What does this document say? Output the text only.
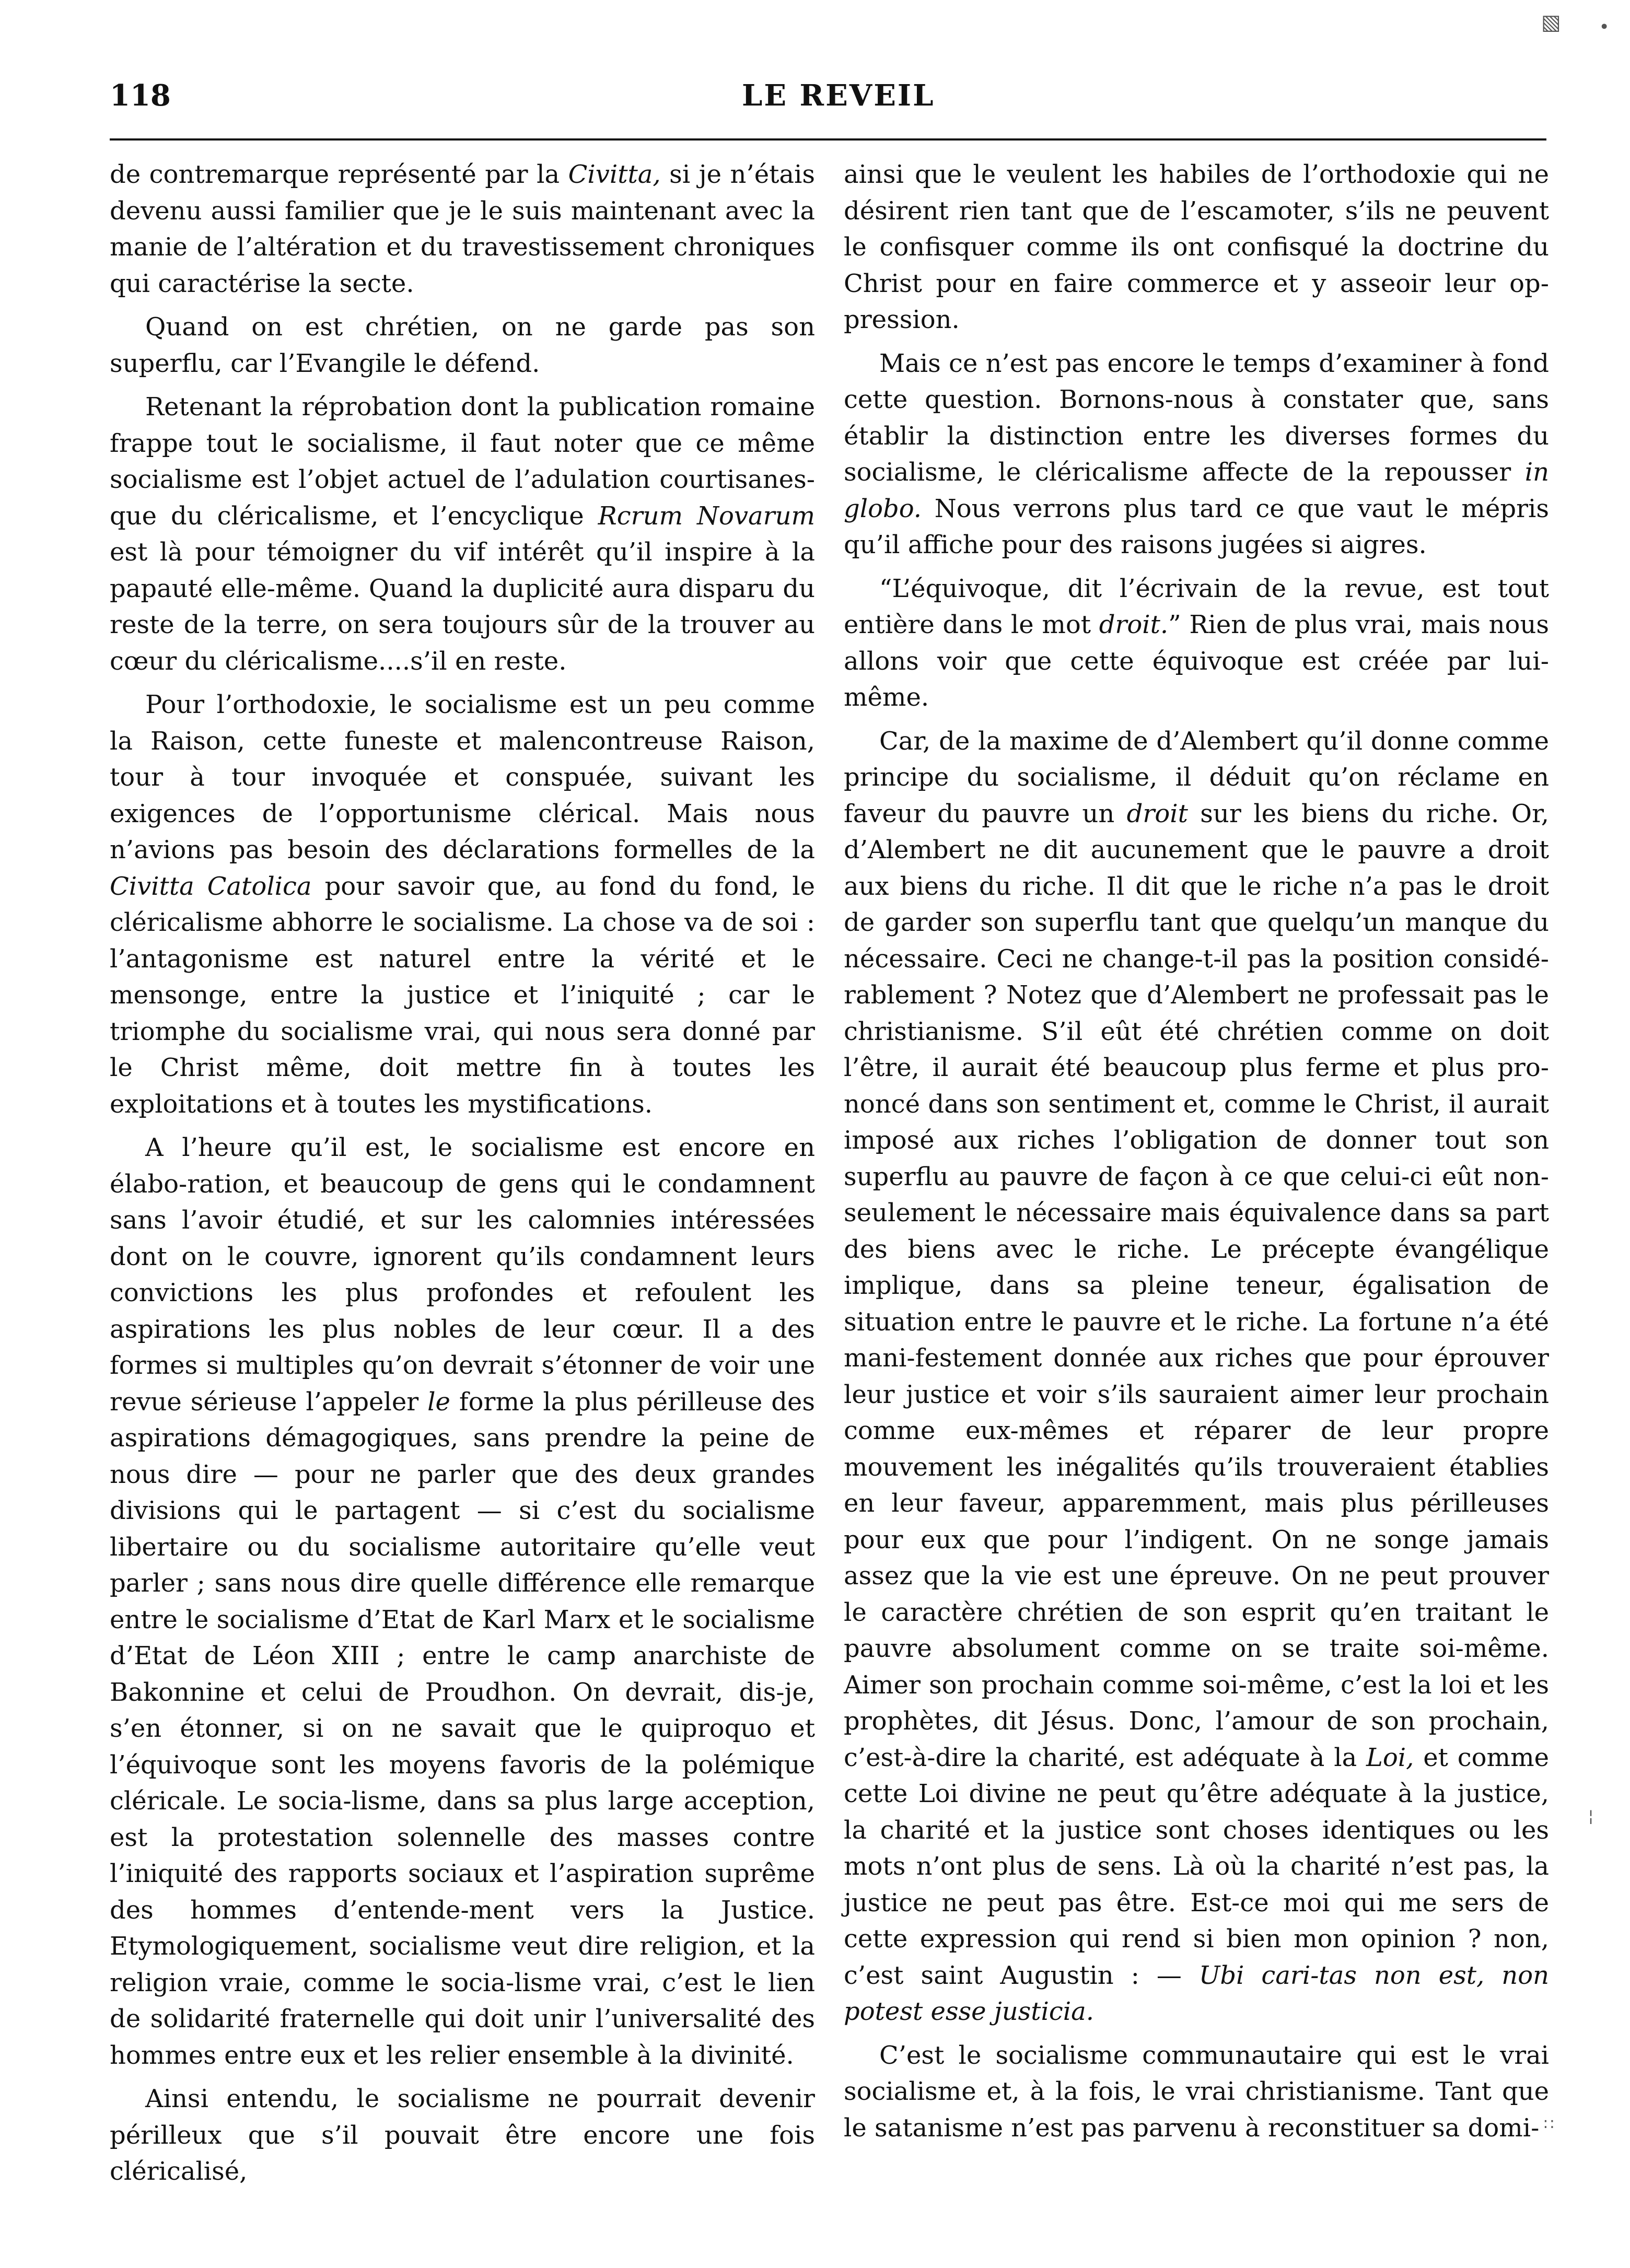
118	LE REVEIL

de contremarque représenté par la Civitta, si je n’étais devenu aussi familier que je le suis maintenant avec la manie de l’altération et du travestissement chroniques qui caractérise la secte.

Quand on est chrétien, on ne garde pas son superflu, car l’Evangile le défend.

Retenant la réprobation dont la publication romaine frappe tout le socialisme, il faut noter que ce même socialisme est l’objet actuel de l’adulation courtisanes-que du cléricalisme, et l’encyclique Rcrum Novarum est là pour témoigner du vif intérêt qu’il inspire à la papauté elle-même. Quand la duplicité aura disparu du reste de la terre, on sera toujours sûr de la trouver au cœur du cléricalisme....s’il en reste.

Pour l’orthodoxie, le socialisme est un peu comme la Raison, cette funeste et malencontreuse Raison, tour à tour invoquée et conspuée, suivant les exigences de l’opportunisme clérical. Mais nous n’avions pas besoin des déclarations formelles de la Civitta Catolica pour savoir que, au fond du fond, le cléricalisme abhorre le socialisme. La chose va de soi : l’antagonisme est naturel entre la vérité et le mensonge, entre la justice et l’iniquité ; car le triomphe du socialisme vrai, qui nous sera donné par le Christ même, doit mettre fin à toutes les exploitations et à toutes les mystifications.

A l’heure qu’il est, le socialisme est encore en élabo-ration, et beaucoup de gens qui le condamnent sans l’avoir étudié, et sur les calomnies intéressées dont on le couvre, ignorent qu’ils condamnent leurs convictions les plus profondes et refoulent les aspirations les plus nobles de leur cœur. Il a des formes si multiples qu’on devrait s’étonner de voir une revue sérieuse l’appeler le forme la plus périlleuse des aspirations démagogiques, sans prendre la peine de nous dire — pour ne parler que des deux grandes divisions qui le partagent — si c’est du socialisme libertaire ou du socialisme autoritaire qu’elle veut parler ; sans nous dire quelle différence elle remarque entre le socialisme d’Etat de Karl Marx et le socialisme d’Etat de Léon XIII ; entre le camp anarchiste de Bakonnine et celui de Proudhon. On devrait, dis-je, s’en étonner, si on ne savait que le quiproquo et l’équivoque sont les moyens favoris de la polémique cléricale. Le socia-lisme, dans sa plus large acception, est la protestation solennelle des masses contre l’iniquité des rapports sociaux et l’aspiration suprême des hommes d’entende-ment vers la Justice. Etymologiquement, socialisme veut dire religion, et la religion vraie, comme le socia-lisme vrai, c’est le lien de solidarité fraternelle qui doit unir l’universalité des hommes entre eux et les relier ensemble à la divinité.

Ainsi entendu, le socialisme ne pourrait devenir périlleux que s’il pouvait être encore une fois cléricalisé,

ainsi que le veulent les habiles de l’orthodoxie qui ne désirent rien tant que de l’escamoter, s’ils ne peuvent le confisquer comme ils ont confisqué la doctrine du Christ pour en faire commerce et y asseoir leur op-pression.

Mais ce n’est pas encore le temps d’examiner à fond cette question. Bornons-nous à constater que, sans établir la distinction entre les diverses formes du socialisme, le cléricalisme affecte de la repousser in globo. Nous verrons plus tard ce que vaut le mépris qu’il affiche pour des raisons jugées si aigres.

“L’équivoque, dit l’écrivain de la revue, est tout entière dans le mot droit.” Rien de plus vrai, mais nous allons voir que cette équivoque est créée par lui-même.

Car, de la maxime de d’Alembert qu’il donne comme principe du socialisme, il déduit qu’on réclame en faveur du pauvre un droit sur les biens du riche. Or, d’Alembert ne dit aucunement que le pauvre a droit aux biens du riche. Il dit que le riche n’a pas le droit de garder son superflu tant que quelqu’un manque du nécessaire. Ceci ne change-t-il pas la position considé-rablement ? Notez que d’Alembert ne professait pas le christianisme. S’il eût été chrétien comme on doit l’être, il aurait été beaucoup plus ferme et plus pro-noncé dans son sentiment et, comme le Christ, il aurait imposé aux riches l’obligation de donner tout son superflu au pauvre de façon à ce que celui-ci eût non-seulement le nécessaire mais équivalence dans sa part des biens avec le riche. Le précepte évangélique implique, dans sa pleine teneur, égalisation de situation entre le pauvre et le riche. La fortune n’a été mani-festement donnée aux riches que pour éprouver leur justice et voir s’ils sauraient aimer leur prochain comme eux-mêmes et réparer de leur propre mouvement les inégalités qu’ils trouveraient établies en leur faveur, apparemment, mais plus périlleuses pour eux que pour l’indigent. On ne songe jamais assez que la vie est une épreuve. On ne peut prouver le caractère chrétien de son esprit qu’en traitant le pauvre absolument comme on se traite soi-même. Aimer son prochain comme soi-même, c’est la loi et les prophètes, dit Jésus. Donc, l’amour de son prochain, c’est-à-dire la charité, est adéquate à la Loi, et comme cette Loi divine ne peut qu’être adéquate à la justice, la charité et la justice sont choses identiques ou les mots n’ont plus de sens. Là où la charité n’est pas, la justice ne peut pas être. Est-ce moi qui me sers de cette expression qui rend si bien mon opinion ? non, c’est saint Augustin : — Ubi cari-tas non est, non potest esse justicia.

C’est le socialisme communautaire qui est le vrai socialisme et, à la fois, le vrai christianisme. Tant que le satanisme n’est pas parvenu à reconstituer sa domi-

▧ ∙
¦
∷
